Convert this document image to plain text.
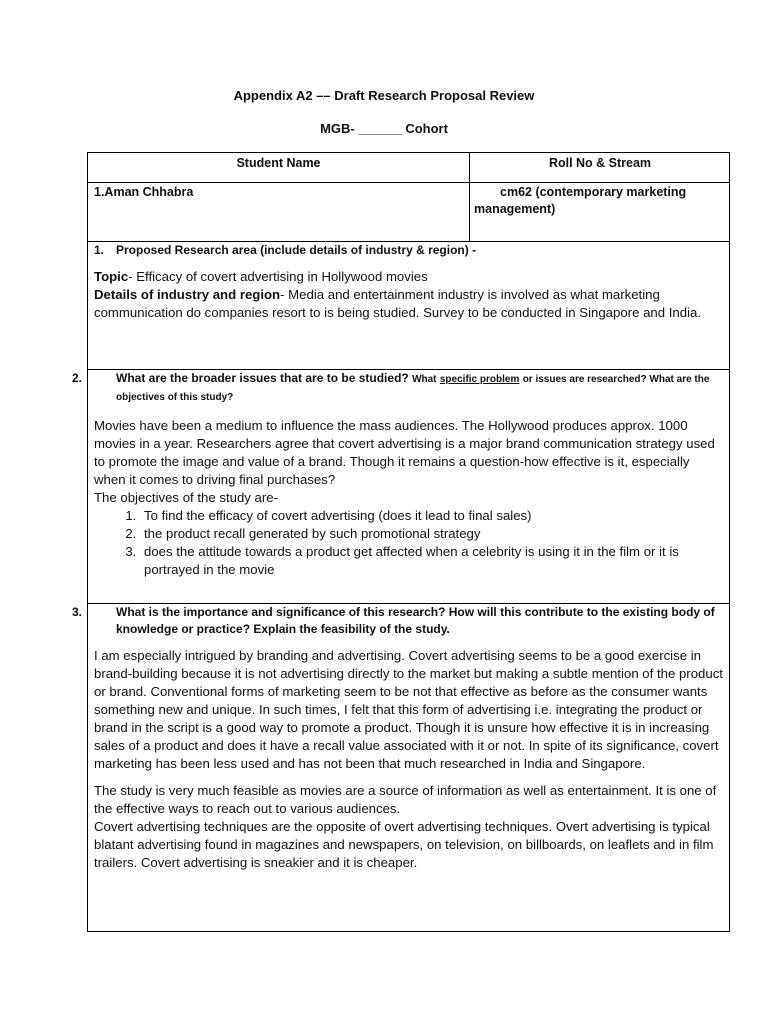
Appendix A2 –– Draft Research Proposal Review
MGB- ______ Cohort
Student Name	Roll No & Stream
1.Aman Chhabra	cm62 (contemporary marketing
management)
1. Proposed Research area (include details of industry & region) -
Topic- Efficacy of covert advertising in Hollywood movies
Details of industry and region- Media and entertainment industry is involved as what marketing communication do companies resort to is being studied. Survey to be conducted in Singapore and India.
2.	What are the broader issues that are to be studied? What specific problem or issues are researched? What are the objectives of this study?
Movies have been a medium to influence the mass audiences. The Hollywood produces approx. 1000 movies in a year. Researchers agree that covert advertising is a major brand communication strategy used to promote the image and value of a brand. Though it remains a question-how effective is it, especially when it comes to driving final purchases?
The objectives of the study are-
1. To find the efficacy of covert advertising (does it lead to final sales)
2. the product recall generated by such promotional strategy
3. does the attitude towards a product get affected when a celebrity is using it in the film or it is portrayed in the movie
3.	What is the importance and significance of this research? How will this contribute to the existing body of knowledge or practice? Explain the feasibility of the study.
I am especially intrigued by branding and advertising. Covert advertising seems to be a good exercise in brand-building because it is not advertising directly to the market but making a subtle mention of the product or brand. Conventional forms of marketing seem to be not that effective as before as the consumer wants something new and unique. In such times, I felt that this form of advertising i.e. integrating the product or brand in the script is a good way to promote a product. Though it is unsure how effective it is in increasing sales of a product and does it have a recall value associated with it or not. In spite of its significance, covert marketing has been less used and has not been that much researched in India and Singapore.
The study is very much feasible as movies are a source of information as well as entertainment. It is one of the effective ways to reach out to various audiences.
Covert advertising techniques are the opposite of overt advertising techniques. Overt advertising is typical blatant advertising found in magazines and newspapers, on television, on billboards, on leaflets and in film trailers. Covert advertising is sneakier and it is cheaper.
